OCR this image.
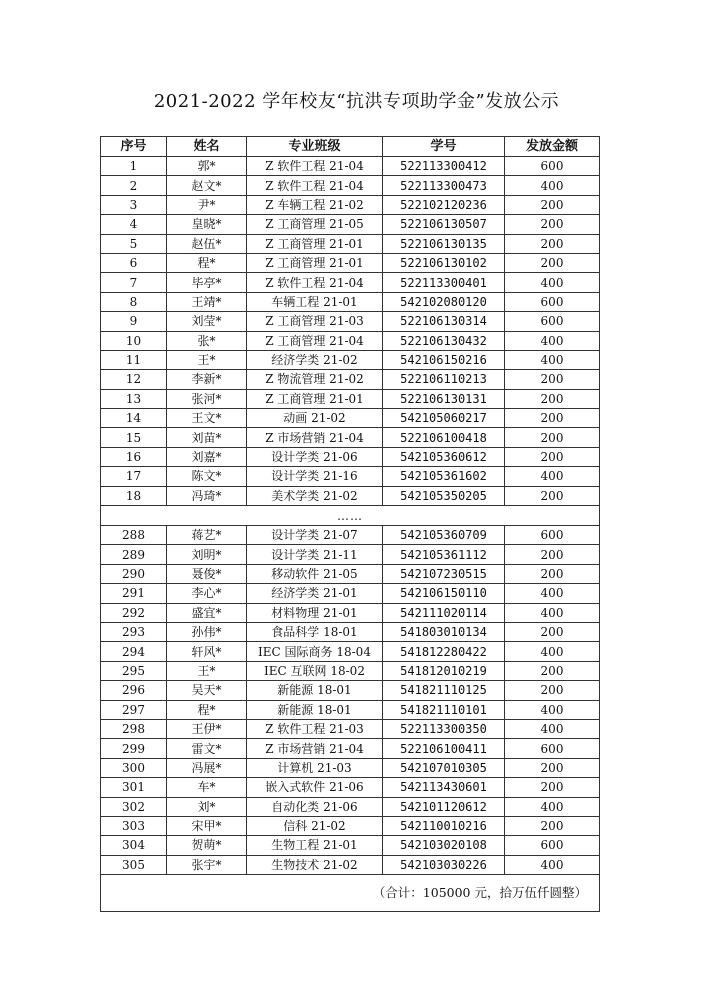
2021-2022 学年校友“抗洪专项助学金”发放公示
序号	姓名	专业班级	学号	发放金额
1	郭*	Z 软件工程 21-04	522113300412	600
2	赵文*	Z 软件工程 21-04	522113300473	400
3	尹*	Z 车辆工程 21-02	522102120236	200
4	皇晓*	Z 工商管理 21-05	522106130507	200
5	赵伍*	Z 工商管理 21-01	522106130135	200
6	程*	Z 工商管理 21-01	522106130102	200
7	毕亭*	Z 软件工程 21-04	522113300401	400
8	王靖*	车辆工程 21-01	542102080120	600
9	刘莹*	Z 工商管理 21-03	522106130314	600
10	张*	Z 工商管理 21-04	522106130432	400
11	王*	经济学类 21-02	542106150216	400
12	李新*	Z 物流管理 21-02	522106110213	200
13	张河*	Z 工商管理 21-01	522106130131	200
14	王文*	动画 21-02	542105060217	200
15	刘苗*	Z 市场营销 21-04	522106100418	200
16	刘嘉*	设计学类 21-06	542105360612	200
17	陈文*	设计学类 21-16	542105361602	400
18	冯琦*	美术学类 21-02	542105350205	200
……				
288	蒋艺*	设计学类 21-07	542105360709	600
289	刘明*	设计学类 21-11	542105361112	200
290	聂俊*	移动软件 21-05	542107230515	200
291	李心*	经济学类 21-01	542106150110	400
292	盛宜*	材料物理 21-01	542111020114	400
293	孙伟*	食品科学 18-01	541803010134	200
294	轩风*	IEC 国际商务 18-04	541812280422	400
295	王*	IEC 互联网 18-02	541812010219	200
296	吴天*	新能源 18-01	541821110125	200
297	程*	新能源 18-01	541821110101	400
298	王伊*	Z 软件工程 21-03	522113300350	400
299	雷文*	Z 市场营销 21-04	522106100411	600
300	冯展*	计算机 21-03	542107010305	200
301	车*	嵌入式软件 21-06	542113430601	200
302	刘*	自动化类 21-06	542101120612	400
303	宋甲*	信科 21-02	542110010216	200
304	贺萌*	生物工程 21-01	542103020108	600
305	张宇*	生物技术 21-02	542103030226	400
（合计：105000 元，拾万伍仟圆整）				
